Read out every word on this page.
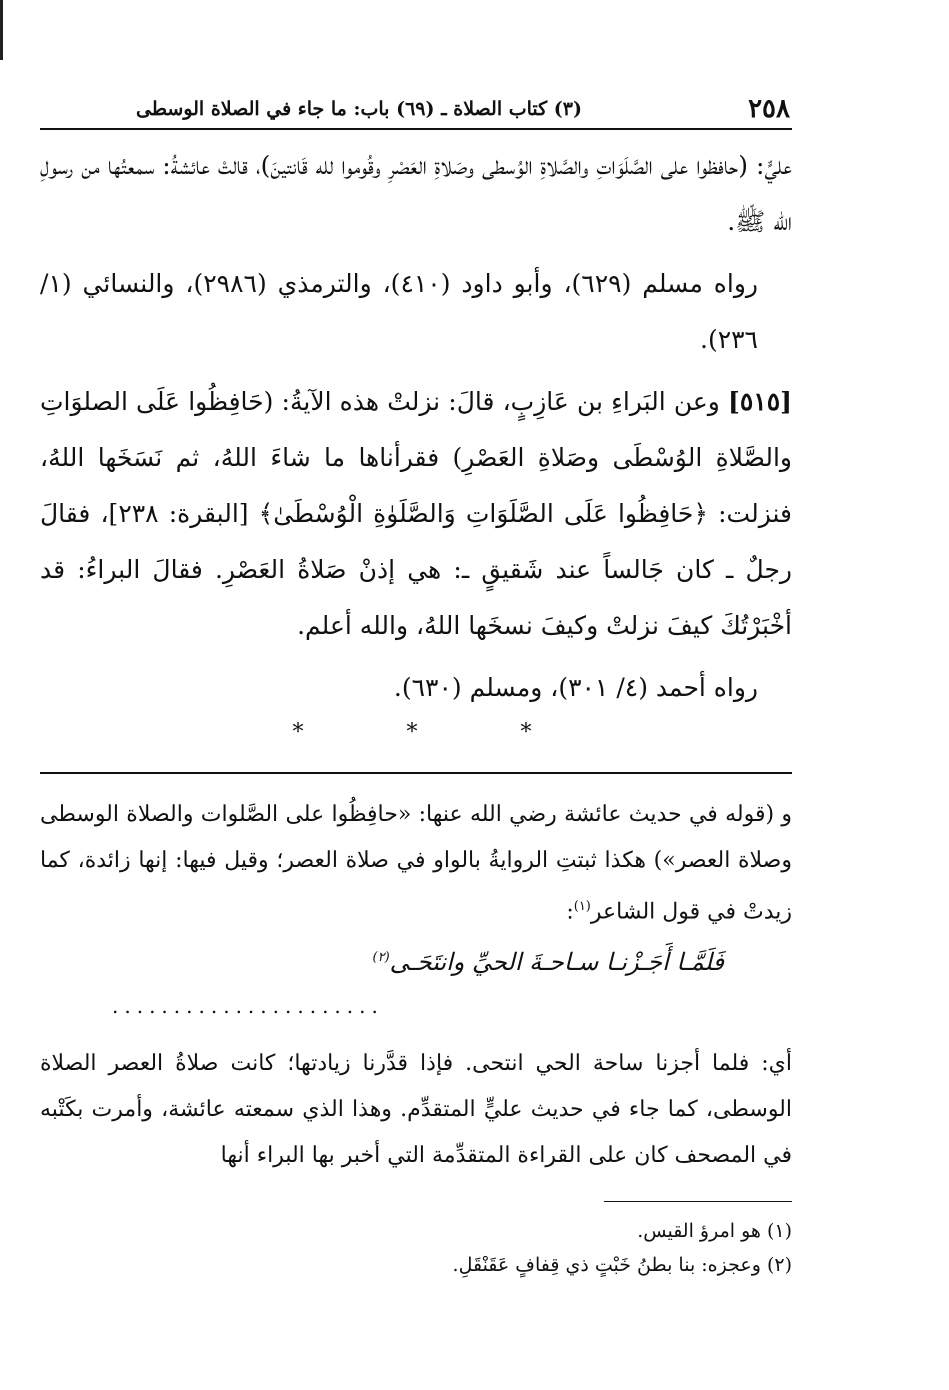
٢٥٨
(٣) كتاب الصلاة ـ (٦٩) باب: ما جاء في الصلاة الوسطى

عليٍّ: (حافظوا على الصَّلَوَاتِ والصَّلاةِ الوُسطى وصَلاةِ العَصْرِ وقُوموا لله قَانتينَ)، قالتْ عائشةُ: سمعتُها من رسولِ الله ﷺ.

رواه مسلم (٦٢٩)، وأبو داود (٤١٠)، والترمذي (٢٩٨٦)، والنسائي (١/ ٢٣٦).

[٥١٥] وعن البَراءِ بن عَازِبٍ، قالَ: نزلتْ هذه الآيةُ: (حَافِظُوا عَلَى الصلوَاتِ والصَّلاةِ الوُسْطَى وصَلاةِ العَصْرِ) فقرأناها ما شاءَ اللهُ، ثم نَسَخَها اللهُ، فنزلت: ﴿حَافِظُوا عَلَى الصَّلَوَاتِ وَالصَّلَوٰةِ الْوُسْطَىٰ﴾ [البقرة: ٢٣٨]، فقالَ رجلٌ ـ كان جَالساً عند شَقيقٍ ـ: هي إذنْ صَلاةُ العَصْرِ. فقالَ البراءُ: قد أخْبَرْتُكَ كيفَ نزلتْ وكيفَ نسخَها اللهُ، والله أعلم.

رواه أحمد (٤/ ٣٠١)، ومسلم (٦٣٠).

* * *

و (قوله في حديث عائشة رضي الله عنها: «حافِظُوا على الصَّلوات والصلاة الوسطى وصلاة العصر») هكذا ثبتتِ الروايةُ بالواو في صلاة العصر؛ وقيل فيها: إنها زائدة، كما زيدتْ في قول الشاعر$^{(١)}$:

فَلَمَّـا أَجَـزْنـا سـاحـةَ الحيِّ وانتَحَـى$^{(٢)}$

......................

أي: فلما أجزنا ساحة الحي انتحى. فإذا قدَّرنا زيادتها؛ كانت صلاةُ العصر الصلاة الوسطى، كما جاء في حديث عليٍّ المتقدِّم. وهذا الذي سمعته عائشة، وأمرت بكَتْبه في المصحف كان على القراءة المتقدِّمة التي أخبر بها البراء أنها

(١) هو امرؤ القيس.

(٢) وعجزه: بنا بطنُ خَبْتٍ ذي قِفافٍ عَقَنْقَلِ.
